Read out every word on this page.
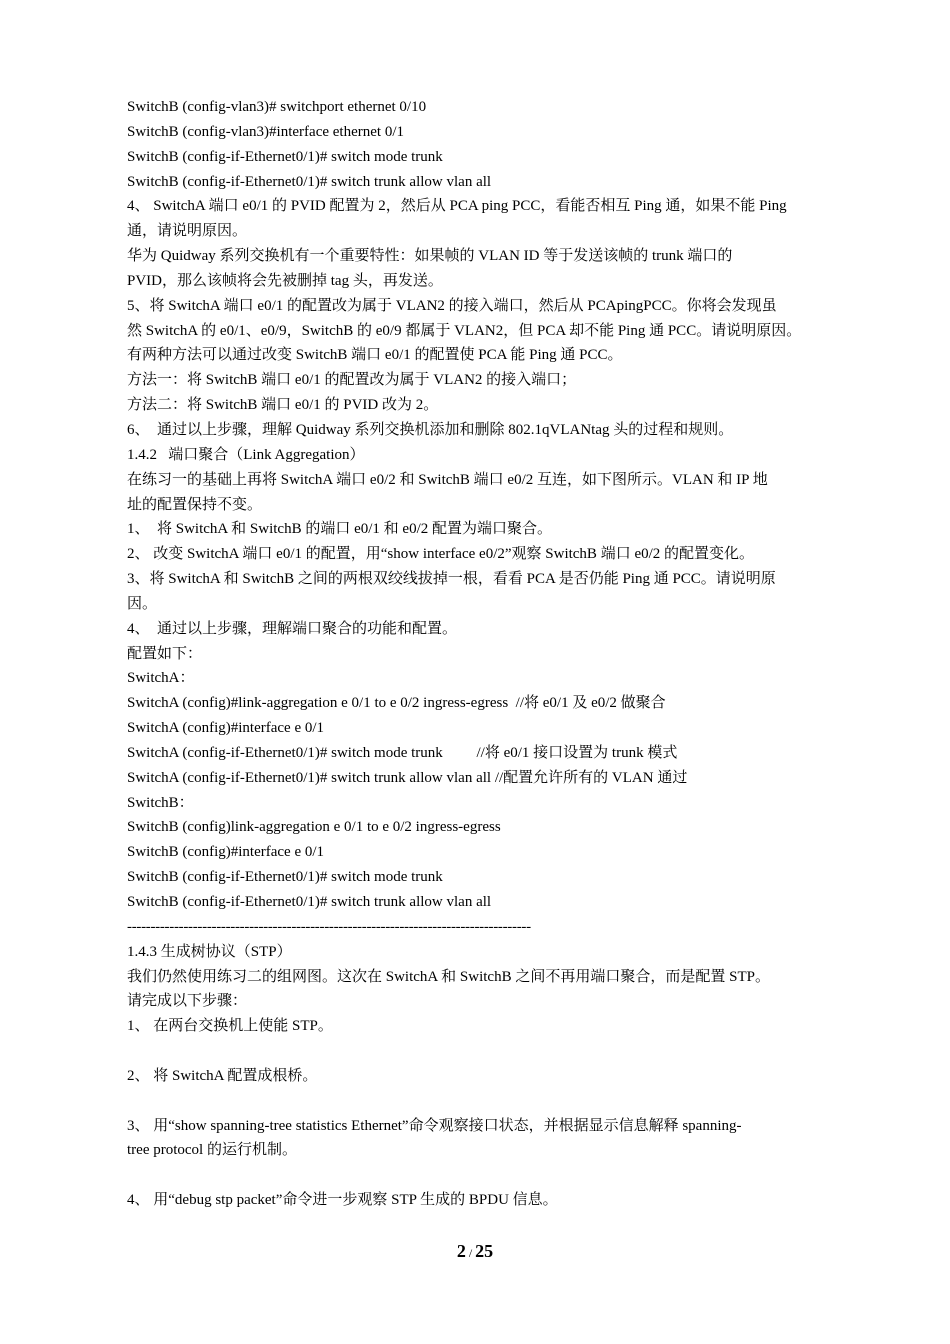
SwitchB (config-vlan3)# switchport ethernet 0/10
SwitchB (config-vlan3)#interface ethernet 0/1
SwitchB (config-if-Ethernet0/1)# switch mode trunk
SwitchB (config-if-Ethernet0/1)# switch trunk allow vlan all
4、 SwitchA 端口 e0/1 的 PVID 配置为 2，然后从 PCA ping PCC，看能否相互 Ping 通，如果不能 Ping
通，请说明原因。
华为 Quidway 系列交换机有一个重要特性：如果帧的 VLAN ID 等于发送该帧的 trunk 端口的
PVID，那么该帧将会先被删掉 tag 头，再发送。
5、将 SwitchA 端口 e0/1 的配置改为属于 VLAN2 的接入端口，然后从 PCApingPCC。你将会发现虽
然 SwitchA 的 e0/1、e0/9，SwitchB 的 e0/9 都属于 VLAN2，但 PCA 却不能 Ping 通 PCC。请说明原因。
有两种方法可以通过改变 SwitchB 端口 e0/1 的配置使 PCA 能 Ping 通 PCC。
方法一：将 SwitchB 端口 e0/1 的配置改为属于 VLAN2 的接入端口；
方法二：将 SwitchB 端口 e0/1 的 PVID 改为 2。
6、  通过以上步骤，理解 Quidway 系列交换机添加和删除 802.1qVLANtag 头的过程和规则。
1.4.2   端口聚合（Link Aggregation）
在练习一的基础上再将 SwitchA 端口 e0/2 和 SwitchB 端口 e0/2 互连，如下图所示。VLAN 和 IP 地
址的配置保持不变。
1、  将 SwitchA 和 SwitchB 的端口 e0/1 和 e0/2 配置为端口聚合。
2、 改变 SwitchA 端口 e0/1 的配置，用“show interface e0/2”观察 SwitchB 端口 e0/2 的配置变化。
3、将 SwitchA 和 SwitchB 之间的两根双绞线拔掉一根，看看 PCA 是否仍能 Ping 通 PCC。请说明原
因。
4、  通过以上步骤，理解端口聚合的功能和配置。
配置如下：
SwitchA：
SwitchA (config)#link-aggregation e 0/1 to e 0/2 ingress-egress  //将 e0/1 及 e0/2 做聚合
SwitchA (config)#interface e 0/1
SwitchA (config-if-Ethernet0/1)# switch mode trunk         //将 e0/1 接口设置为 trunk 模式
SwitchA (config-if-Ethernet0/1)# switch trunk allow vlan all //配置允许所有的 VLAN 通过
SwitchB：
SwitchB (config)link-aggregation e 0/1 to e 0/2 ingress-egress
SwitchB (config)#interface e 0/1
SwitchB (config-if-Ethernet0/1)# switch mode trunk
SwitchB (config-if-Ethernet0/1)# switch trunk allow vlan all
--------------------------------------------------------------------------------------
1.4.3 生成树协议（STP）
我们仍然使用练习二的组网图。这次在 SwitchA 和 SwitchB 之间不再用端口聚合，而是配置 STP。
请完成以下步骤：
1、 在两台交换机上使能 STP。
2、 将 SwitchA 配置成根桥。
3、 用“show spanning-tree statistics Ethernet”命令观察接口状态，并根据显示信息解释 spanning-
tree protocol 的运行机制。
4、 用“debug stp packet”命令进一步观察 STP 生成的 BPDU 信息。
2 / 25
